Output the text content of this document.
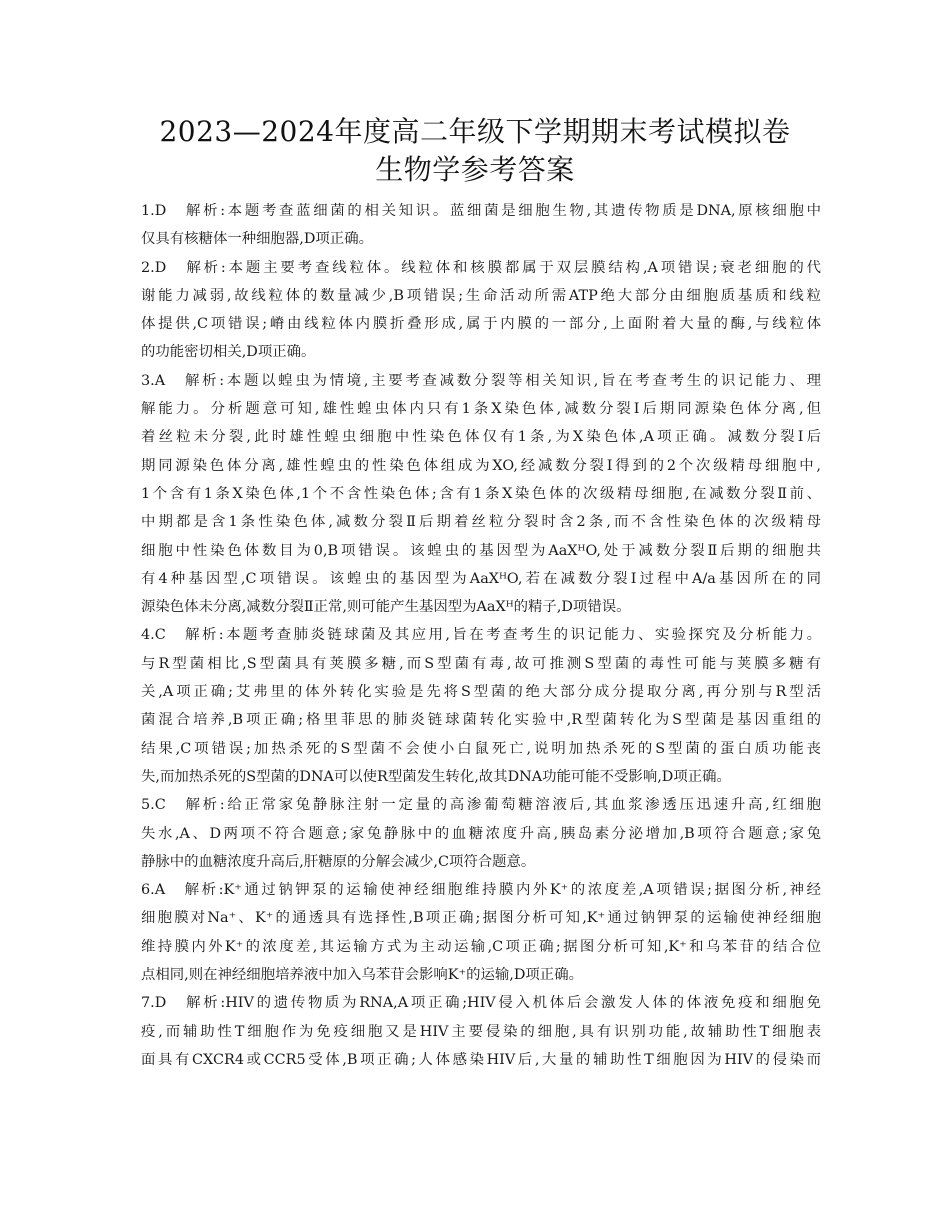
2023—2024年度高二年级下学期期末考试模拟卷
生物学参考答案
1.D　解析:本题考查蓝细菌的相关知识。蓝细菌是细胞生物,其遗传物质是DNA,原核细胞中
仅具有核糖体一种细胞器,D项正确。
2.D　解析:本题主要考查线粒体。线粒体和核膜都属于双层膜结构,A项错误;衰老细胞的代
谢能力减弱,故线粒体的数量减少,B项错误;生命活动所需ATP绝大部分由细胞质基质和线粒
体提供,C项错误;嵴由线粒体内膜折叠形成,属于内膜的一部分,上面附着大量的酶,与线粒体
的功能密切相关,D项正确。
3.A　解析:本题以蝗虫为情境,主要考查减数分裂等相关知识,旨在考查考生的识记能力、理
解能力。分析题意可知,雄性蝗虫体内只有1条X染色体,减数分裂Ⅰ后期同源染色体分离,但
着丝粒未分裂,此时雄性蝗虫细胞中性染色体仅有1条,为X染色体,A项正确。减数分裂Ⅰ后
期同源染色体分离,雄性蝗虫的性染色体组成为XO,经减数分裂Ⅰ得到的2个次级精母细胞中,
1个含有1条X染色体,1个不含性染色体;含有1条X染色体的次级精母细胞,在减数分裂Ⅱ前、
中期都是含1条性染色体,减数分裂Ⅱ后期着丝粒分裂时含2条,而不含性染色体的次级精母
细胞中性染色体数目为0,B项错误。该蝗虫的基因型为AaXᴴO,处于减数分裂Ⅱ后期的细胞共
有4种基因型,C项错误。该蝗虫的基因型为AaXᴴO,若在减数分裂Ⅰ过程中A/a基因所在的同
源染色体未分离,减数分裂Ⅱ正常,则可能产生基因型为AaXᴴ的精子,D项错误。
4.C　解析:本题考查肺炎链球菌及其应用,旨在考查考生的识记能力、实验探究及分析能力。
与R型菌相比,S型菌具有荚膜多糖,而S型菌有毒,故可推测S型菌的毒性可能与荚膜多糖有
关,A项正确;艾弗里的体外转化实验是先将S型菌的绝大部分成分提取分离,再分别与R型活
菌混合培养,B项正确;格里菲思的肺炎链球菌转化实验中,R型菌转化为S型菌是基因重组的
结果,C项错误;加热杀死的S型菌不会使小白鼠死亡,说明加热杀死的S型菌的蛋白质功能丧
失,而加热杀死的S型菌的DNA可以使R型菌发生转化,故其DNA功能可能不受影响,D项正确。
5.C　解析:给正常家兔静脉注射一定量的高渗葡萄糖溶液后,其血浆渗透压迅速升高,红细胞
失水,A、D两项不符合题意;家兔静脉中的血糖浓度升高,胰岛素分泌增加,B项符合题意;家兔
静脉中的血糖浓度升高后,肝糖原的分解会减少,C项符合题意。
6.A　解析:K⁺通过钠钾泵的运输使神经细胞维持膜内外K⁺的浓度差,A项错误;据图分析,神经
细胞膜对Na⁺、K⁺的通透具有选择性,B项正确;据图分析可知,K⁺通过钠钾泵的运输使神经细胞
维持膜内外K⁺的浓度差,其运输方式为主动运输,C项正确;据图分析可知,K⁺和乌苯苷的结合位
点相同,则在神经细胞培养液中加入乌苯苷会影响K⁺的运输,D项正确。
7.D　解析:HIV的遗传物质为RNA,A项正确;HIV侵入机体后会激发人体的体液免疫和细胞免
疫,而辅助性T细胞作为免疫细胞又是HIV主要侵染的细胞,具有识别功能,故辅助性T细胞表
面具有CXCR4或CCR5受体,B项正确;人体感染HIV后,大量的辅助性T细胞因为HIV的侵染而
